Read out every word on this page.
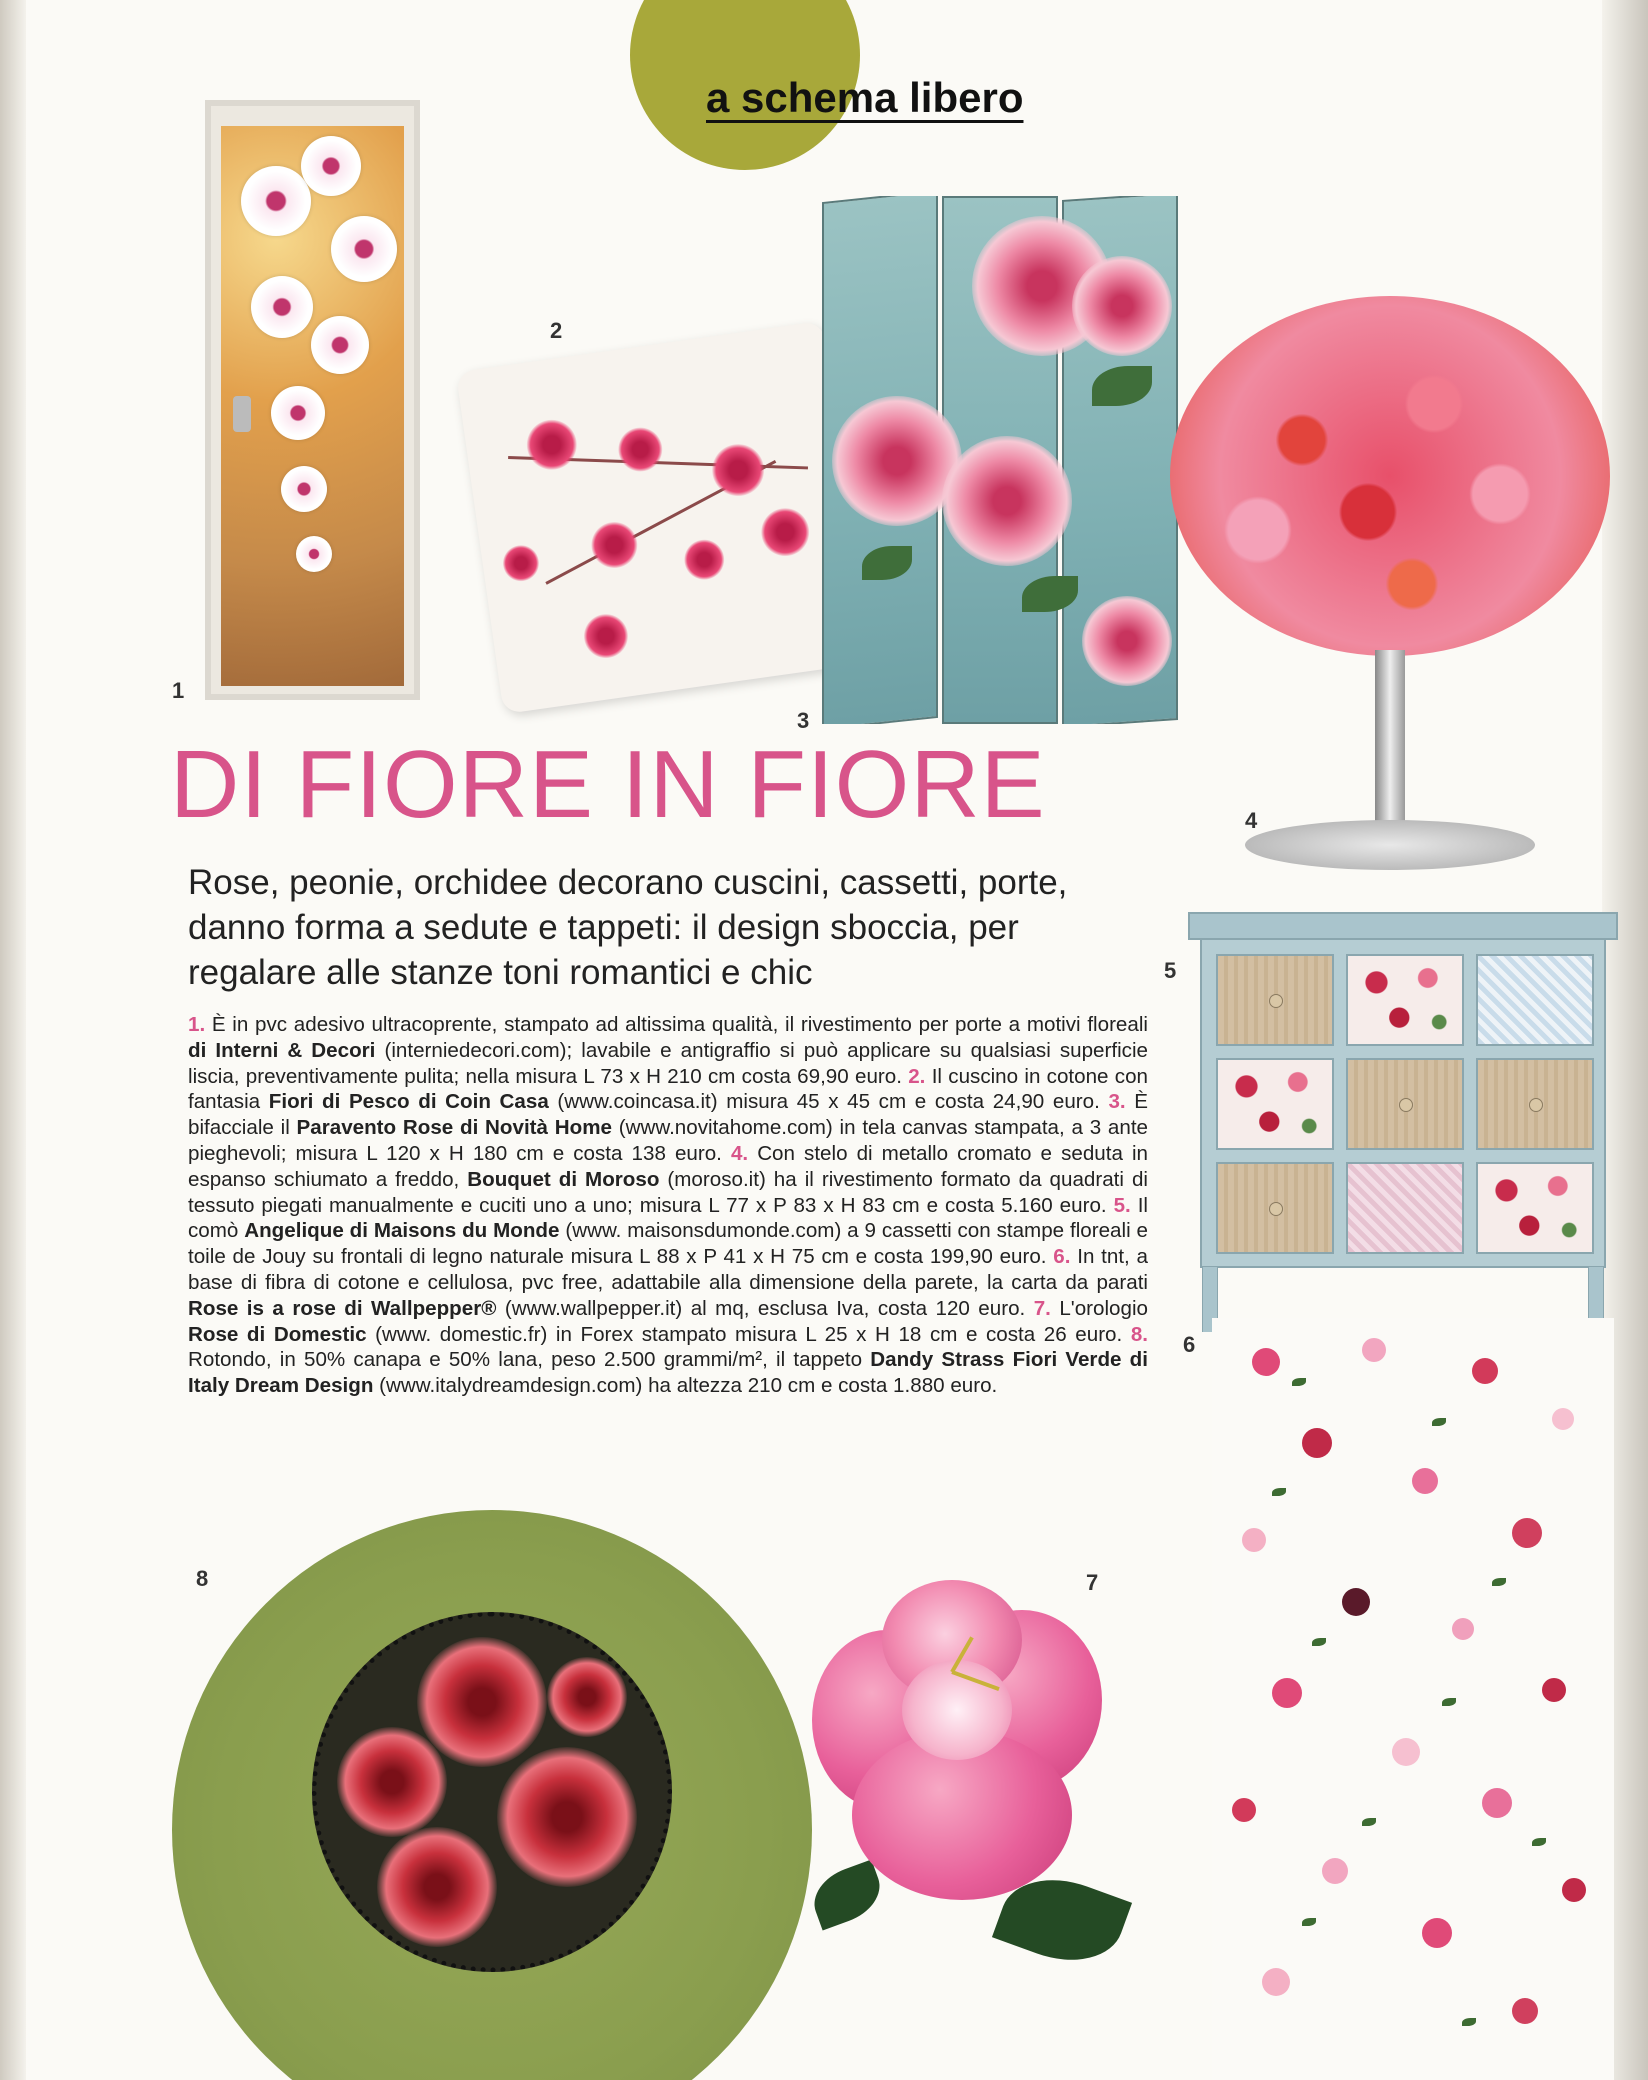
a schema libero
1
2
3
4
5
6
8	7
DI FIORE IN FIORE
Rose, peonie, orchidee decorano cuscini, cassetti, porte, danno forma a sedute e tappeti: il design sboccia, per regalare alle stanze toni romantici e chic
1. È in pvc adesivo ultracoprente, stampato ad altissima qualità, il rivestimento per porte a motivi floreali di Interni & Decori (interniedecori.com); lavabile e antigraffio si può applicare su qualsiasi superficie liscia, preventivamente pulita; nella misura L 73 x H 210 cm costa 69,90 euro. 2. Il cuscino in cotone con fantasia Fiori di Pesco di Coin Casa (www.coincasa.it) misura 45 x 45 cm e costa 24,90 euro. 3. È bifacciale il Paravento Rose di Novità Home (www.novitahome.com) in tela canvas stampata, a 3 ante pieghevoli; misura L 120 x H 180 cm e costa 138 euro. 4. Con stelo di metallo cromato e seduta in espanso schiumato a freddo, Bouquet di Moroso (moroso.it) ha il rivestimento formato da quadrati di tessuto piegati manualmente e cuciti uno a uno; misura L 77 x P 83 x H 83 cm e costa 5.160 euro. 5. Il comò Angelique di Maisons du Monde (www. maisonsdumonde.com) a 9 cassetti con stampe floreali e toile de Jouy su frontali di legno naturale misura L 88 x P 41 x H 75 cm e costa 199,90 euro. 6. In tnt, a base di fibra di cotone e cellulosa, pvc free, adattabile alla dimensione della parete, la carta da parati Rose is a rose di Wallpepper® (www.wallpepper.it) al mq, esclusa Iva, costa 120 euro. 7. L'orologio Rose di Domestic (www. domestic.fr) in Forex stampato misura L 25 x H 18 cm e costa 26 euro. 8. Rotondo, in 50% canapa e 50% lana, peso 2.500 grammi/m², il tappeto Dandy Strass Fiori Verde di Italy Dream Design (www.italydreamdesign.com) ha altezza 210 cm e costa 1.880 euro.
